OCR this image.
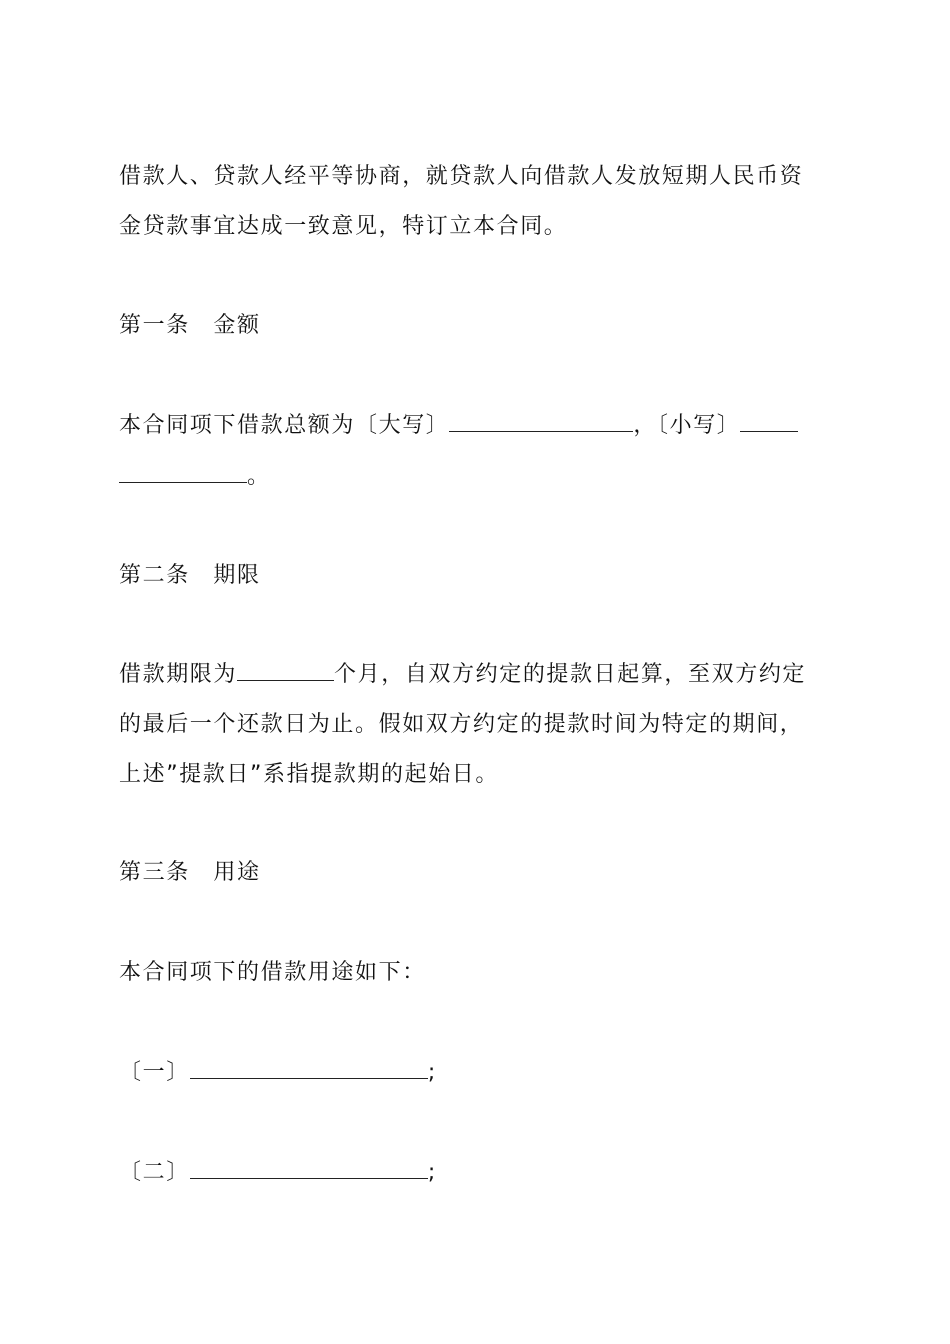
借款人、贷款人经平等协商，就贷款人向借款人发放短期人民币资
金贷款事宜达成一致意见，特订立本合同。
第一条　金额
本合同项下借款总额为〔大写〕	，〔小写〕
。
第二条　期限
借款期限为	个月，自双方约定的提款日起算，至双方约定
的最后一个还款日为止。假如双方约定的提款时间为特定的期间，
上述”提款日”系指提款期的起始日。
第三条　用途
本合同项下的借款用途如下：
〔一〕	;
〔二〕	;
